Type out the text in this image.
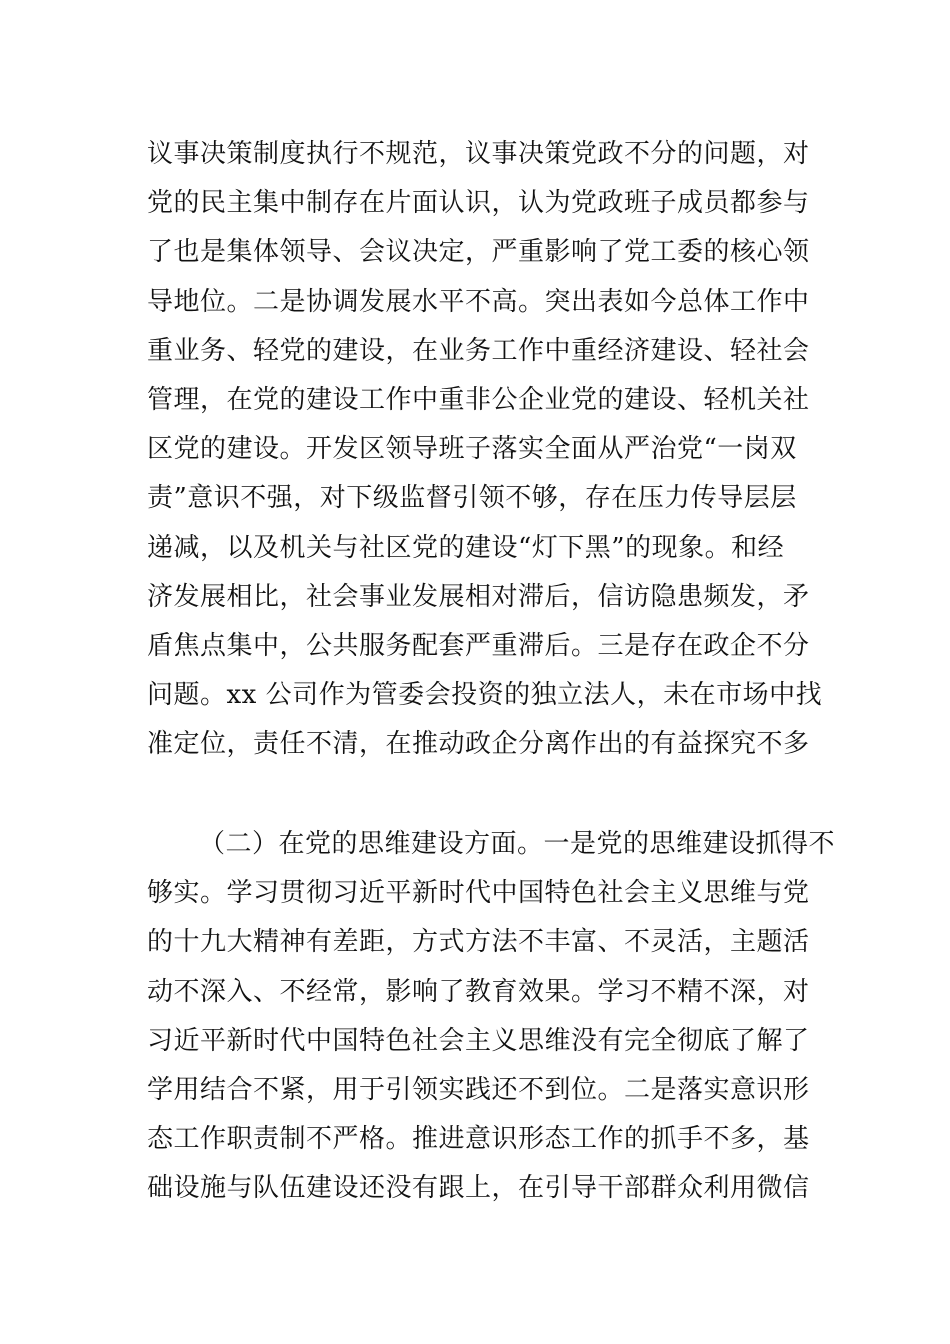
议事决策制度执行不规范，议事决策党政不分的问题，对
党的民主集中制存在片面认识，认为党政班子成员都参与
了也是集体领导、会议决定，严重影响了党工委的核心领
导地位。二是协调发展水平不高。突出表如今总体工作中
重业务、轻党的建设，在业务工作中重经济建设、轻社会
管理，在党的建设工作中重非公企业党的建设、轻机关社
区党的建设。开发区领导班子落实全面从严治党“一岗双
责”意识不强，对下级监督引领不够，存在压力传导层层
递减，以及机关与社区党的建设“灯下黑”的现象。和经
济发展相比，社会事业发展相对滞后，信访隐患频发，矛
盾焦点集中，公共服务配套严重滞后。三是存在政企不分
问题。xx 公司作为管委会投资的独立法人，未在市场中找
准定位，责任不清，在推动政企分离作出的有益探究不多
（二）在党的思维建设方面。一是党的思维建设抓得不
够实。学习贯彻习近平新时代中国特色社会主义思维与党
的十九大精神有差距，方式方法不丰富、不灵活，主题活
动不深入、不经常，影响了教育效果。学习不精不深，对
习近平新时代中国特色社会主义思维没有完全彻底了解了
学用结合不紧，用于引领实践还不到位。二是落实意识形
态工作职责制不严格。推进意识形态工作的抓手不多，基
础设施与队伍建设还没有跟上，在引导干部群众利用微信
